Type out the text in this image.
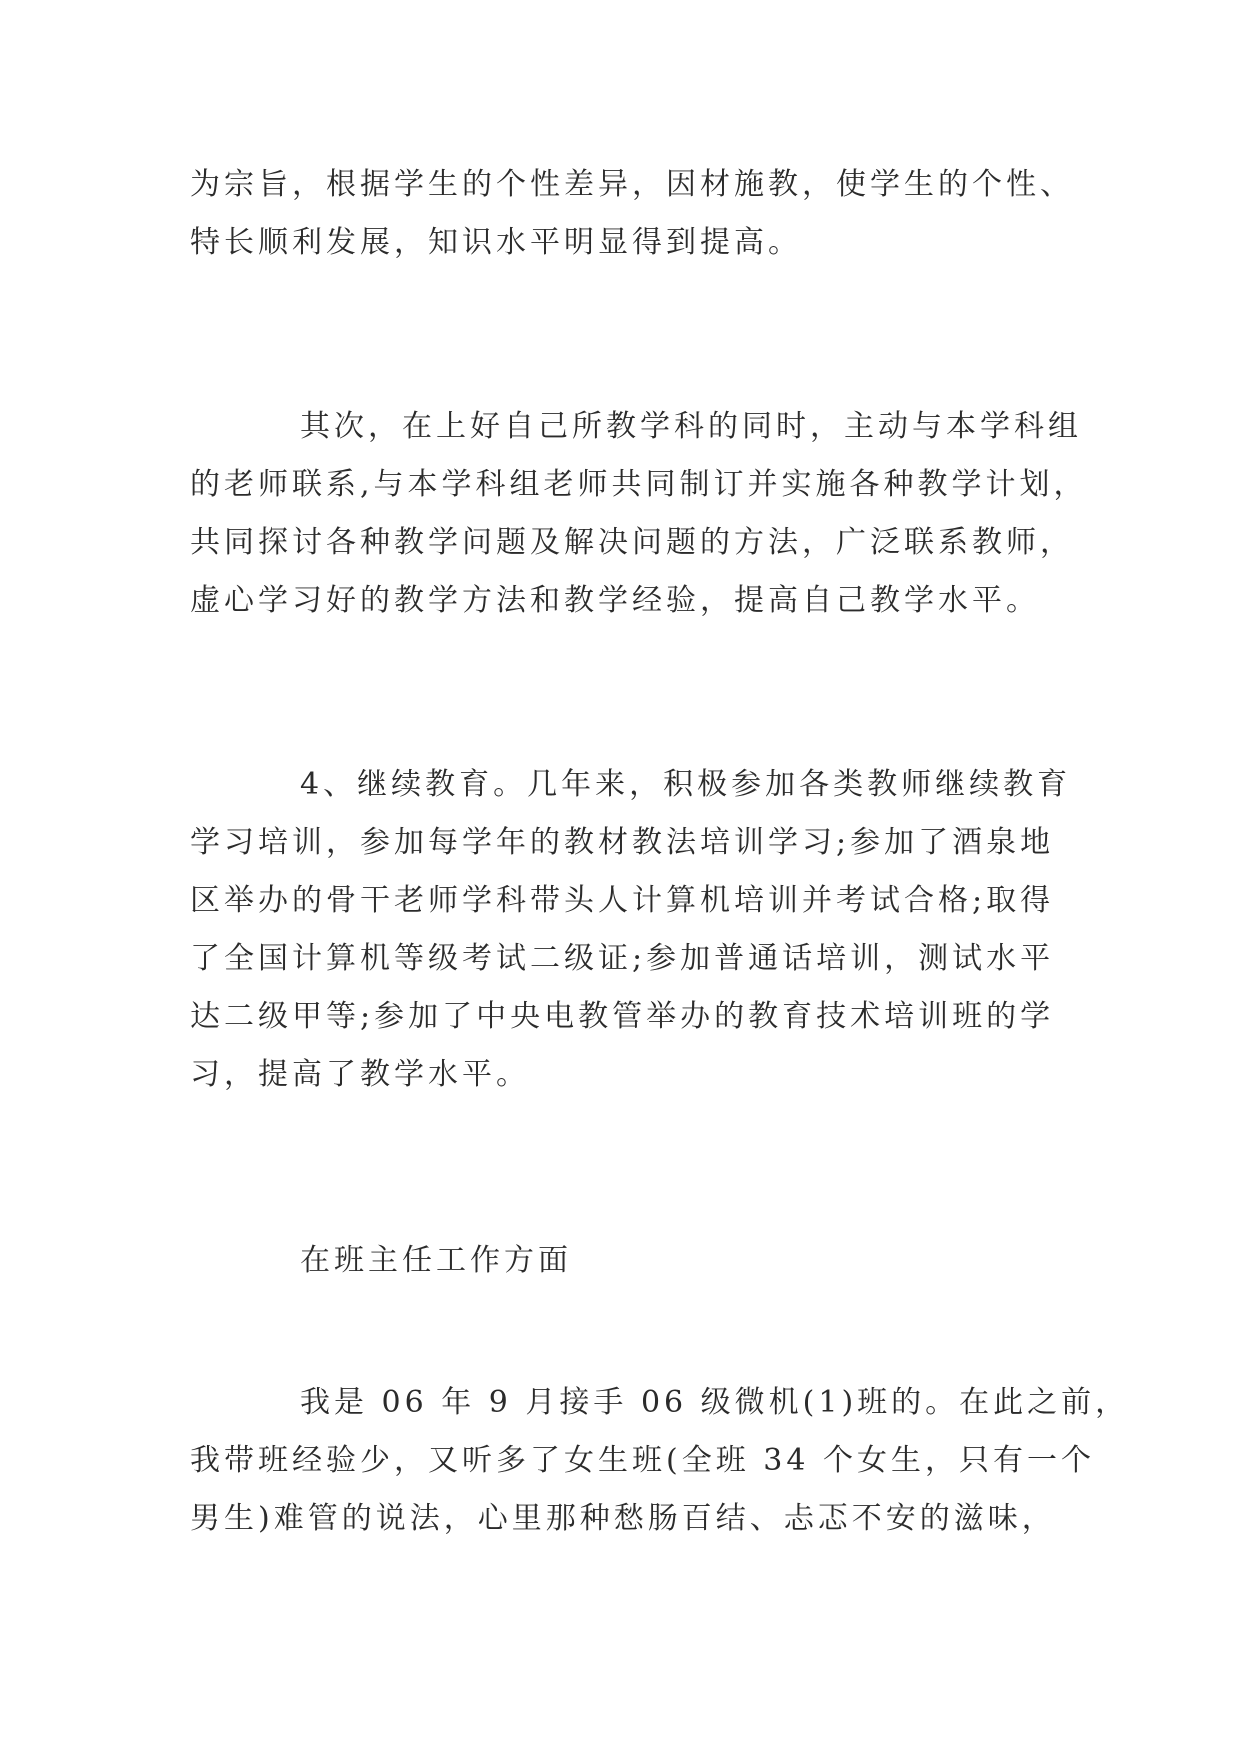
为宗旨，根据学生的个性差异，因材施教，使学生的个性、
特长顺利发展，知识水平明显得到提高。
其次，在上好自己所教学科的同时，主动与本学科组
的老师联系,与本学科组老师共同制订并实施各种教学计划，
共同探讨各种教学问题及解决问题的方法，广泛联系教师，
虚心学习好的教学方法和教学经验，提高自己教学水平。
4、继续教育。几年来，积极参加各类教师继续教育
学习培训，参加每学年的教材教法培训学习;参加了酒泉地
区举办的骨干老师学科带头人计算机培训并考试合格;取得
了全国计算机等级考试二级证;参加普通话培训，测试水平
达二级甲等;参加了中央电教管举办的教育技术培训班的学
习，提高了教学水平。
在班主任工作方面
我是 06 年 9 月接手 06 级微机(1)班的。在此之前，
我带班经验少，又听多了女生班(全班 34 个女生，只有一个
男生)难管的说法，心里那种愁肠百结、忐忑不安的滋味，
